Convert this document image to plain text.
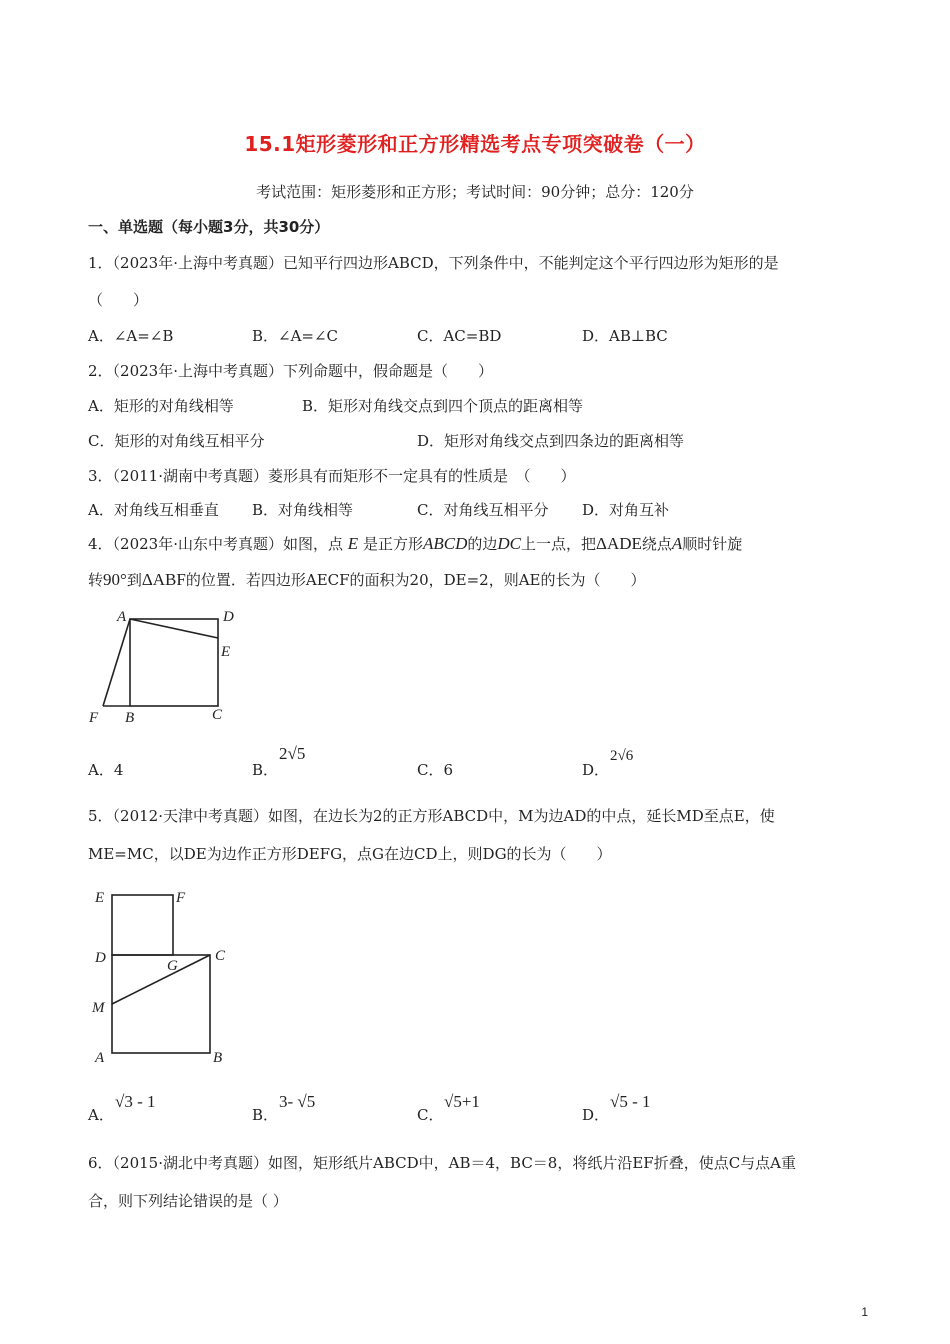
15.1矩形菱形和正方形精选考点专项突破卷（一）
考试范围：矩形菱形和正方形；考试时间：90分钟；总分：120分
一、单选题（每小题3分，共30分）
1．（2023年·上海中考真题）已知平行四边形ABCD，下列条件中，不能判定这个平行四边形为矩形的是
（　　）
A．∠A=∠B	B．∠A=∠C	C．AC=BD	D．AB⊥BC
2．（2023年·上海中考真题）下列命题中，假命题是（　　）
A．矩形的对角线相等	B．矩形对角线交点到四个顶点的距离相等
C．矩形的对角线互相平分	D．矩形对角线交点到四条边的距离相等
3．（2011·湖南中考真题）菱形具有而矩形不一定具有的性质是　（　　）
A．对角线互相垂直 B．对角线相等	C．对角线互相平分 D．对角互补
4．（2023年·山东中考真题）如图，点 E 是正方形ABCD的边DC上一点，把ΔADE绕点A顺时针旋
转90°到ΔABF的位置．若四边形AECF的面积为20，DE=2，则AE的长为（　　）
A	D
E
F B	C
A．4	B．
2√5
C．6	D．
2√6
5．（2012·天津中考真题）如图，在边长为2的正方形ABCD中，M为边AD的中点，延长MD至点E，使
ME=MC，以DE为边作正方形DEFG，点G在边CD上，则DG的长为（　　）
E	F
D	G
C
M
A	B
A．
√3 - 1
B．
3- √5
C．
√5+1
D．
√5 - 1
6．（2015·湖北中考真题）如图，矩形纸片ABCD中，AB＝4，BC＝8，将纸片沿EF折叠，使点C与点A重
合，则下列结论错误的是（ ）
1
